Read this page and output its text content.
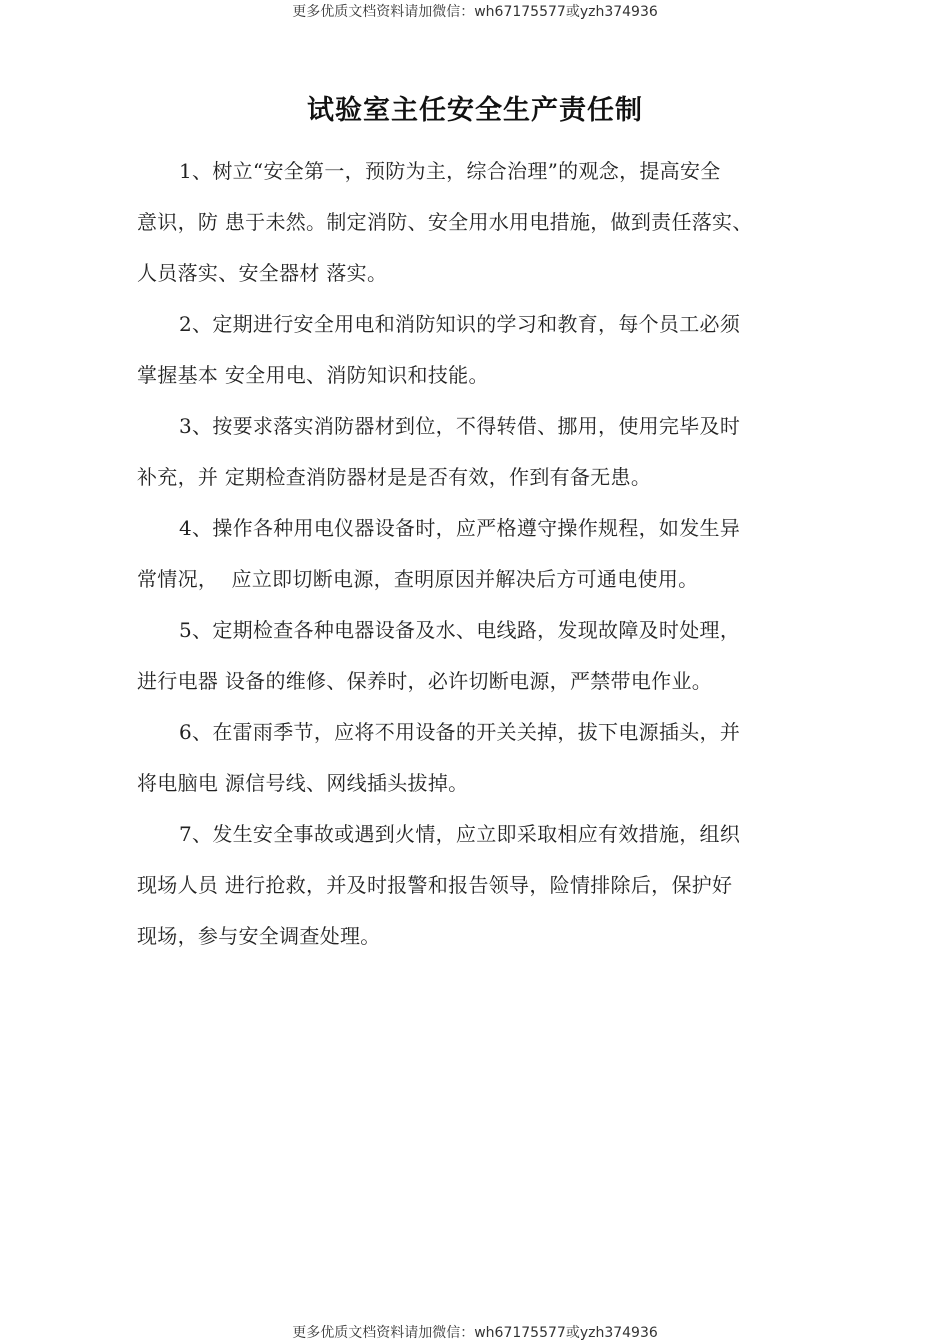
更多优质文档资料请加微信：wh67175577或yzh374936
试验室主任安全生产责任制
1、树立“安全第一，预防为主，综合治理”的观念，提高安全
意识，防 患于未然。制定消防、安全用水用电措施，做到责任落实、
人员落实、安全器材 落实。
2、定期进行安全用电和消防知识的学习和教育，每个员工必须
掌握基本 安全用电、消防知识和技能。
3、按要求落实消防器材到位，不得转借、挪用，使用完毕及时
补充，并 定期检查消防器材是是否有效，作到有备无患。
4、操作各种用电仪器设备时，应严格遵守操作规程，如发生异
常情况，  应立即切断电源，查明原因并解决后方可通电使用。
5、定期检查各种电器设备及水、电线路，发现故障及时处理，
进行电器 设备的维修、保养时，必许切断电源，严禁带电作业。
6、在雷雨季节，应将不用设备的开关关掉，拔下电源插头，并
将电脑电 源信号线、网线插头拔掉。
7、发生安全事故或遇到火情，应立即采取相应有效措施，组织
现场人员 进行抢救，并及时报警和报告领导，险情排除后，保护好
现场，参与安全调查处理。
更多优质文档资料请加微信：wh67175577或yzh374936
